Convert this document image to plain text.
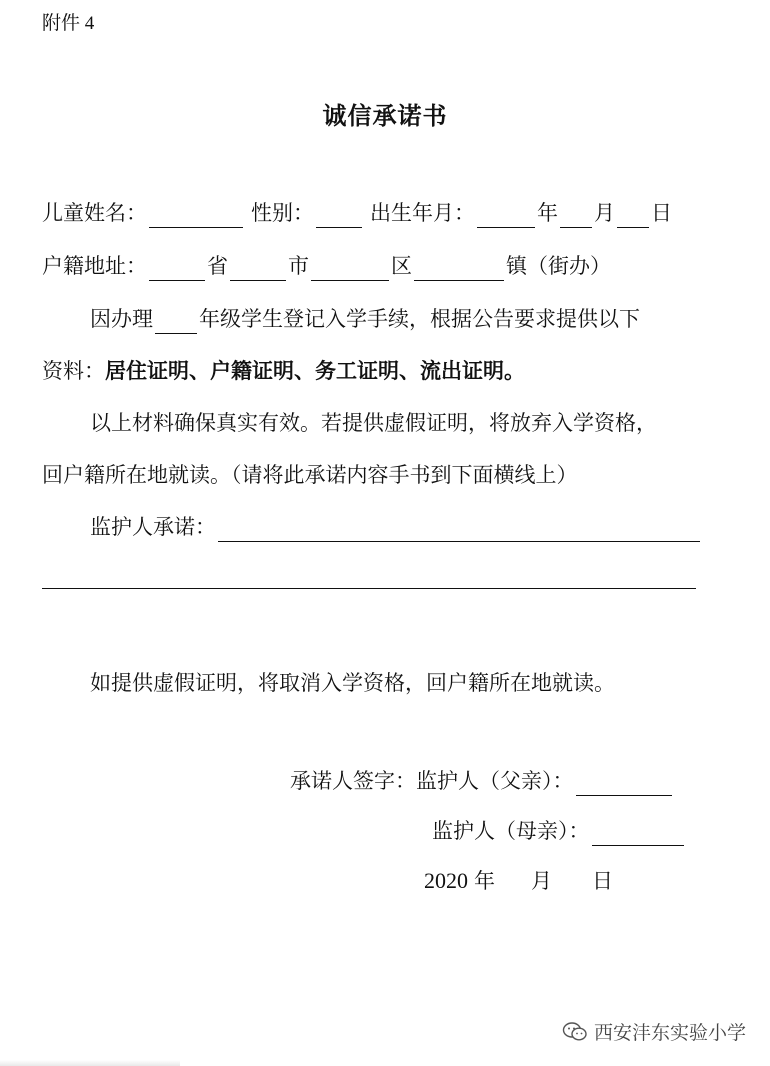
附件 4
诚信承诺书
儿童姓名：	性别：	出生年月：	年 月 日
户籍地址：	省	市	区	镇（街办）
因办理 年级学生登记入学手续，根据公告要求提供以下
资料： 居住证明、户籍证明、务工证明、流出证明。
以上材料确保真实有效。若提供虚假证明，将放弃入学资格，
回户籍所在地就读。（请将此承诺内容手书到下面横线上）
监护人承诺：
如提供虚假证明，将取消入学资格，回户籍所在地就读。
承诺人签字： 监护人（父亲）：
监护人（母亲）：
2020 年 月 日
西安沣东实验小学
